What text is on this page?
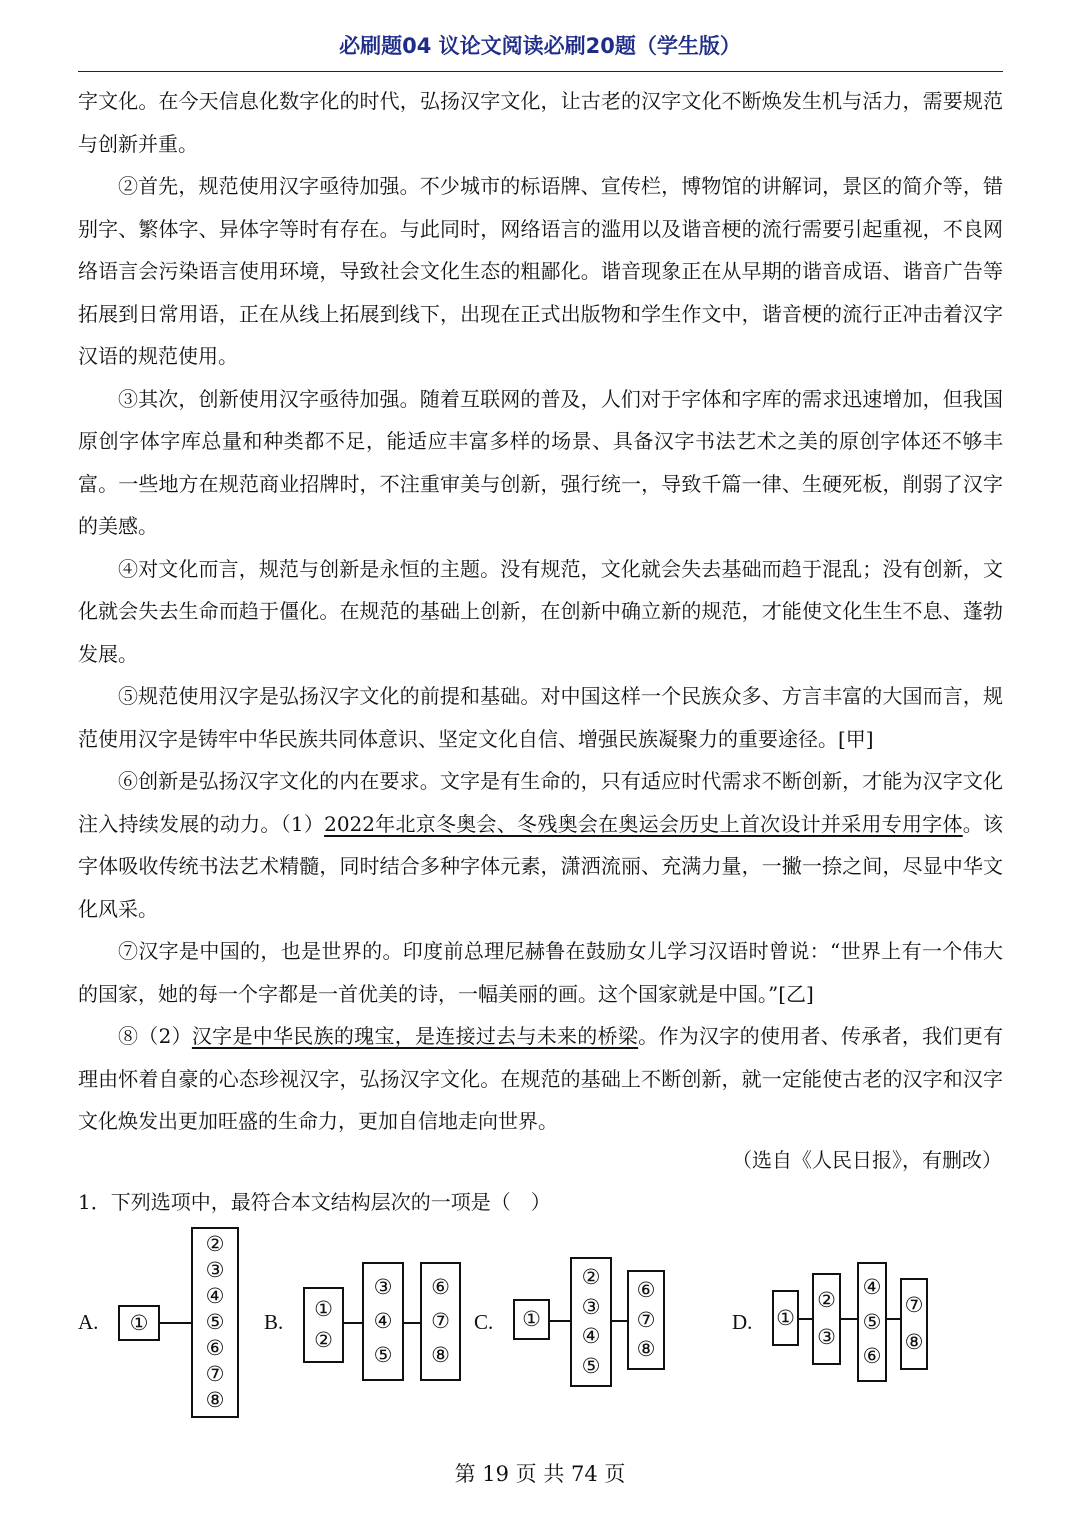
必刷题04 议论文阅读必刷20题（学生版）

字文化。在今天信息化数字化的时代，弘扬汉字文化，让古老的汉字文化不断焕发生机与活力，需要规范与创新并重。

②首先，规范使用汉字亟待加强。不少城市的标语牌、宣传栏，博物馆的讲解词，景区的简介等，错别字、繁体字、异体字等时有存在。与此同时，网络语言的滥用以及谐音梗的流行需要引起重视，不良网络语言会污染语言使用环境，导致社会文化生态的粗鄙化。谐音现象正在从早期的谐音成语、谐音广告等拓展到日常用语，正在从线上拓展到线下，出现在正式出版物和学生作文中，谐音梗的流行正冲击着汉字汉语的规范使用。

③其次，创新使用汉字亟待加强。随着互联网的普及，人们对于字体和字库的需求迅速增加，但我国原创字体字库总量和种类都不足，能适应丰富多样的场景、具备汉字书法艺术之美的原创字体还不够丰富。一些地方在规范商业招牌时，不注重审美与创新，强行统一，导致千篇一律、生硬死板，削弱了汉字的美感。

④对文化而言，规范与创新是永恒的主题。没有规范，文化就会失去基础而趋于混乱；没有创新，文化就会失去生命而趋于僵化。在规范的基础上创新，在创新中确立新的规范，才能使文化生生不息、蓬勃发展。

⑤规范使用汉字是弘扬汉字文化的前提和基础。对中国这样一个民族众多、方言丰富的大国而言，规范使用汉字是铸牢中华民族共同体意识、坚定文化自信、增强民族凝聚力的重要途径。[甲]

⑥创新是弘扬汉字文化的内在要求。文字是有生命的，只有适应时代需求不断创新，才能为汉字文化注入持续发展的动力。（1）2022年北京冬奥会、冬残奥会在奥运会历史上首次设计并采用专用字体。该字体吸收传统书法艺术精髓，同时结合多种字体元素，潇洒流丽、充满力量，一撇一捺之间，尽显中华文化风采。

⑦汉字是中国的，也是世界的。印度前总理尼赫鲁在鼓励女儿学习汉语时曾说：“世界上有一个伟大的国家，她的每一个字都是一首优美的诗，一幅美丽的画。这个国家就是中国。”[乙]

⑧（2）汉字是中华民族的瑰宝，是连接过去与未来的桥梁。作为汉字的使用者、传承者，我们更有理由怀着自豪的心态珍视汉字，弘扬汉字文化。在规范的基础上不断创新，就一定能使古老的汉字和汉字文化焕发出更加旺盛的生命力，更加自信地走向世界。

（选自《人民日报》，有删改）
1．下列选项中，最符合本文结构层次的一项是（　）
A. ①
②
③
④
⑤
⑥
⑦
⑧
B.
①
②
③
④
⑤
⑥
⑦
⑧
C. ①
②
③
④
⑤
⑥
⑦
⑧
D. ①
②
③
④
⑤
⑥
⑦
⑧
第 19 页 共 74 页
